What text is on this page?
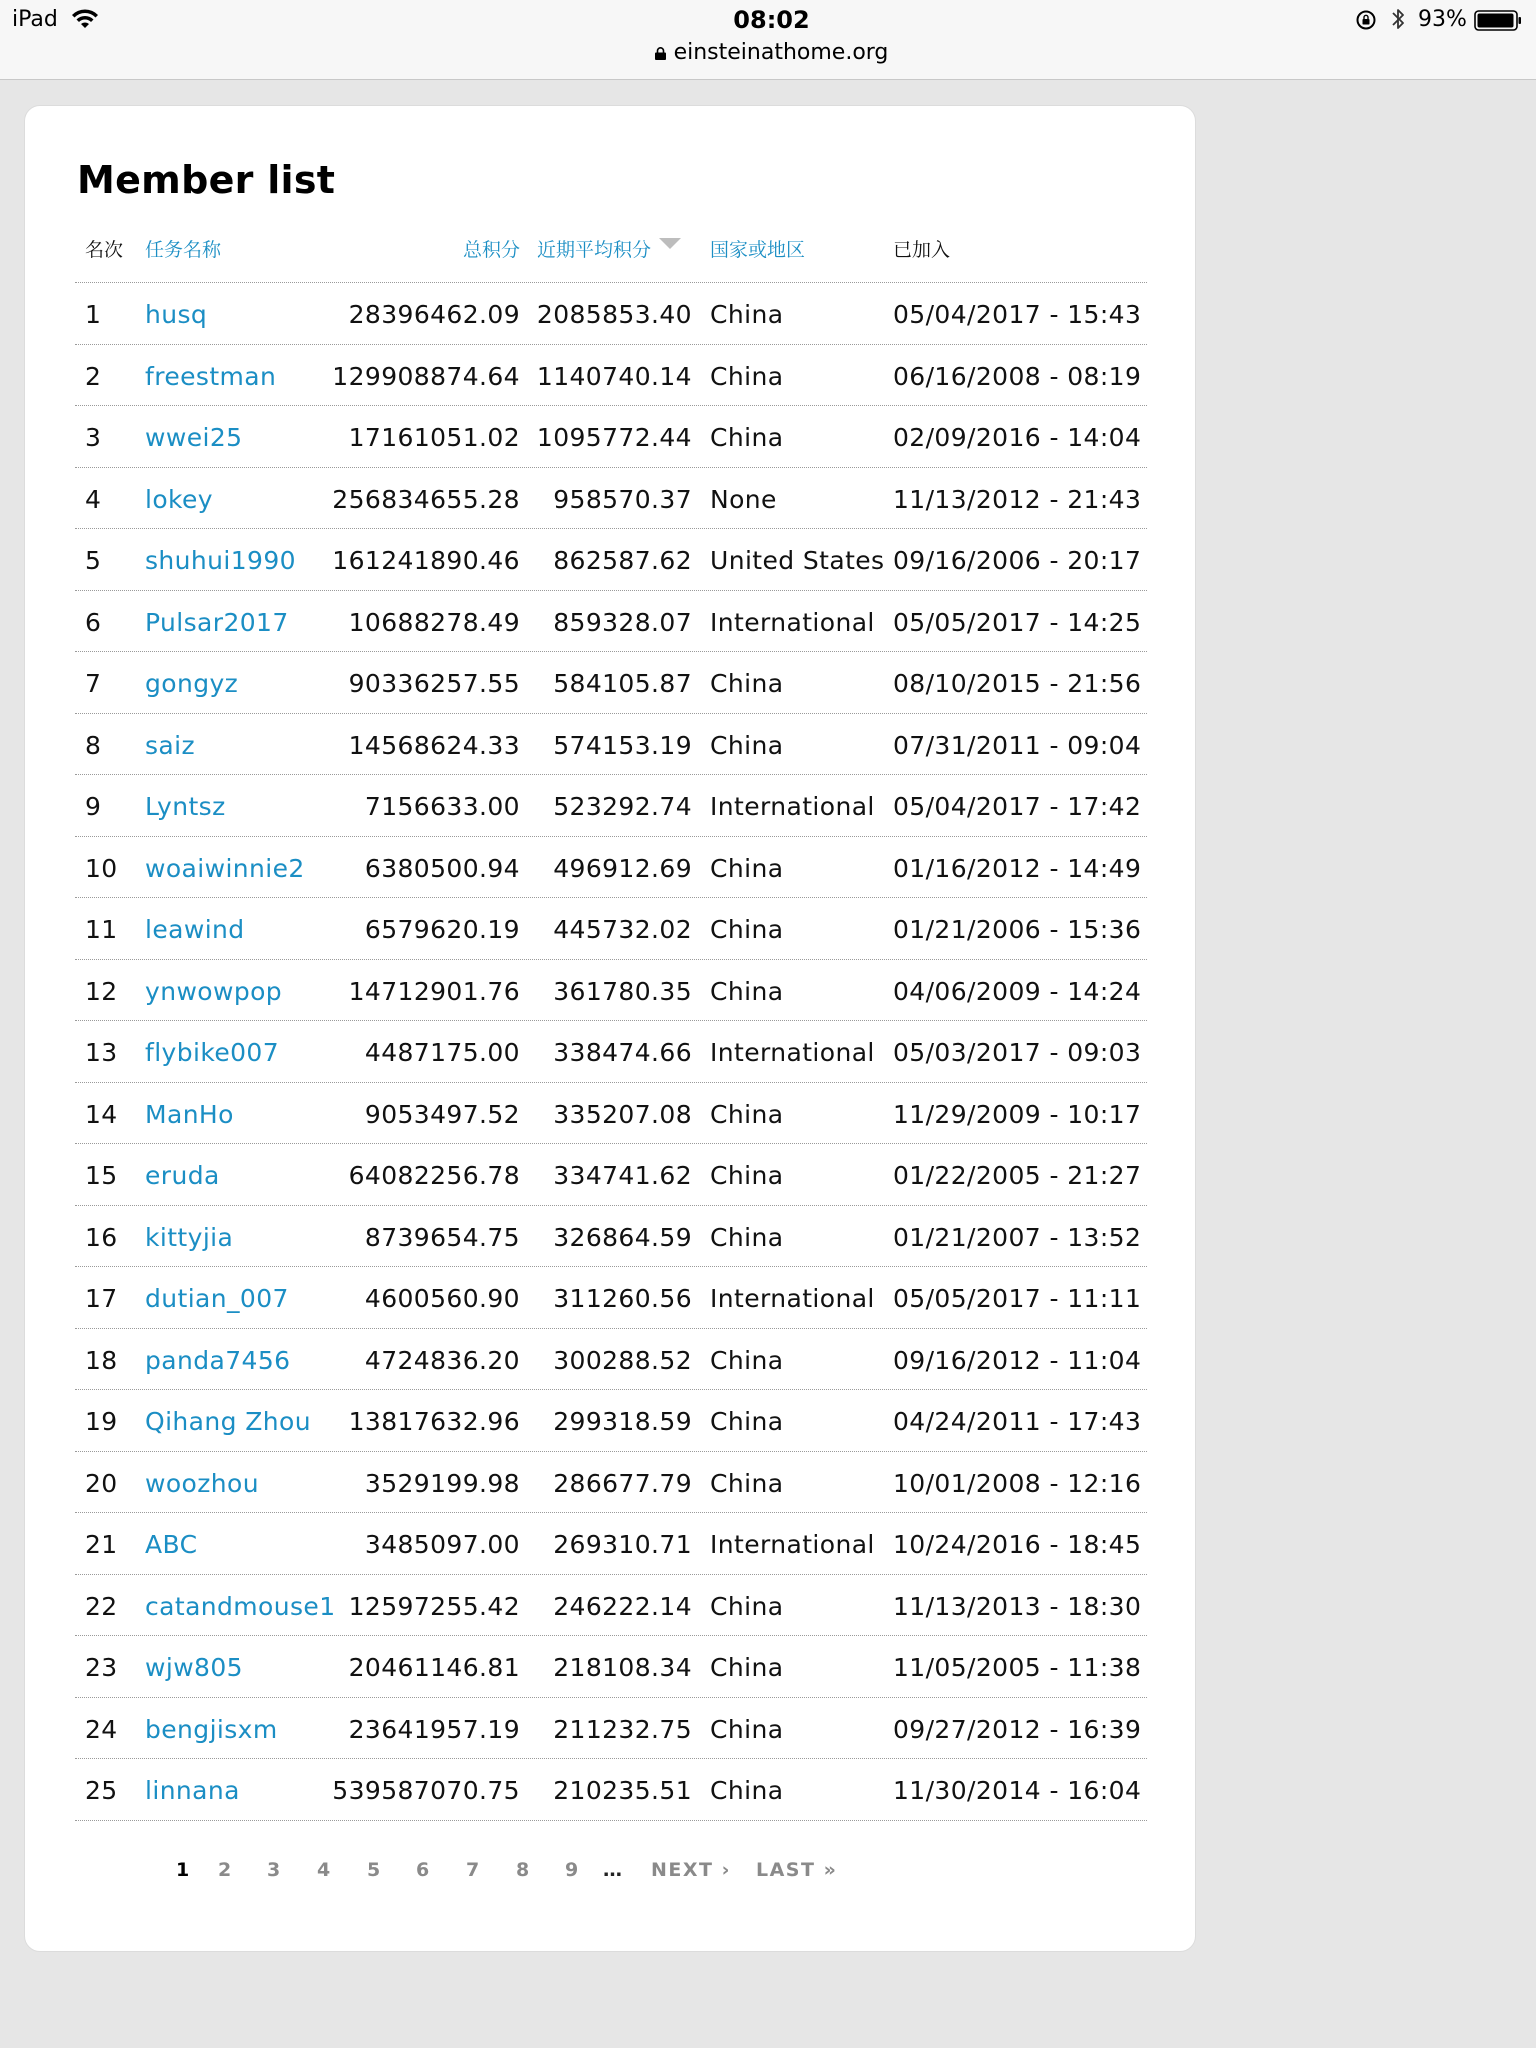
iPad	08:02
einsteinathome.org
93%
Member list
名次 任务名称	总积分 近期平均积分	国家或地区	已加入
1 husq	28396462.09 2085853.40 China	05/04/2017 - 15:43
2 freestman 129908874.64 1140740.14 China	06/16/2008 - 08:19
3 wwei25	17161051.02 1095772.44 China	02/09/2016 - 14:04
4 lokey	256834655.28 958570.37 None	11/13/2012 - 21:43
5 shuhui1990 161241890.46 862587.62 United States 09/16/2006 - 20:17
6 Pulsar2017 10688278.49 859328.07 International 05/05/2017 - 14:25
7 gongyz	90336257.55 584105.87 China	08/10/2015 - 21:56
8 saiz	14568624.33 574153.19 China	07/31/2011 - 09:04
9 Lyntsz	7156633.00 523292.74 International 05/04/2017 - 17:42
10 woaiwinnie2 6380500.94 496912.69 China	01/16/2012 - 14:49
11 leawind	6579620.19 445732.02 China	01/21/2006 - 15:36
12 ynwowpop	14712901.76 361780.35 China	04/06/2009 - 14:24
13 flybike007	4487175.00 338474.66 International 05/03/2017 - 09:03
14 ManHo	9053497.52 335207.08 China	11/29/2009 - 10:17
15 eruda	64082256.78 334741.62 China	01/22/2005 - 21:27
16 kittyjia	8739654.75 326864.59 China	01/21/2007 - 13:52
17 dutian_007	4600560.90 311260.56 International 05/05/2017 - 11:11
18 panda7456	4724836.20 300288.52 China	09/16/2012 - 11:04
19 Qihang Zhou 13817632.96 299318.59 China	04/24/2011 - 17:43
20 woozhou	3529199.98 286677.79 China	10/01/2008 - 12:16
21 ABC	3485097.00 269310.71 International 10/24/2016 - 18:45
22 catandmouse1 12597255.42 246222.14 China	11/13/2013 - 18:30
23 wjw805	20461146.81 218108.34 China	11/05/2005 - 11:38
24 bengjisxm	23641957.19 211232.75 China	09/27/2012 - 16:39
25 linnana	539587070.75 210235.51 China	11/30/2014 - 16:04
1 2 3 4 5 6 7 8 9 … NEXT › LAST »
